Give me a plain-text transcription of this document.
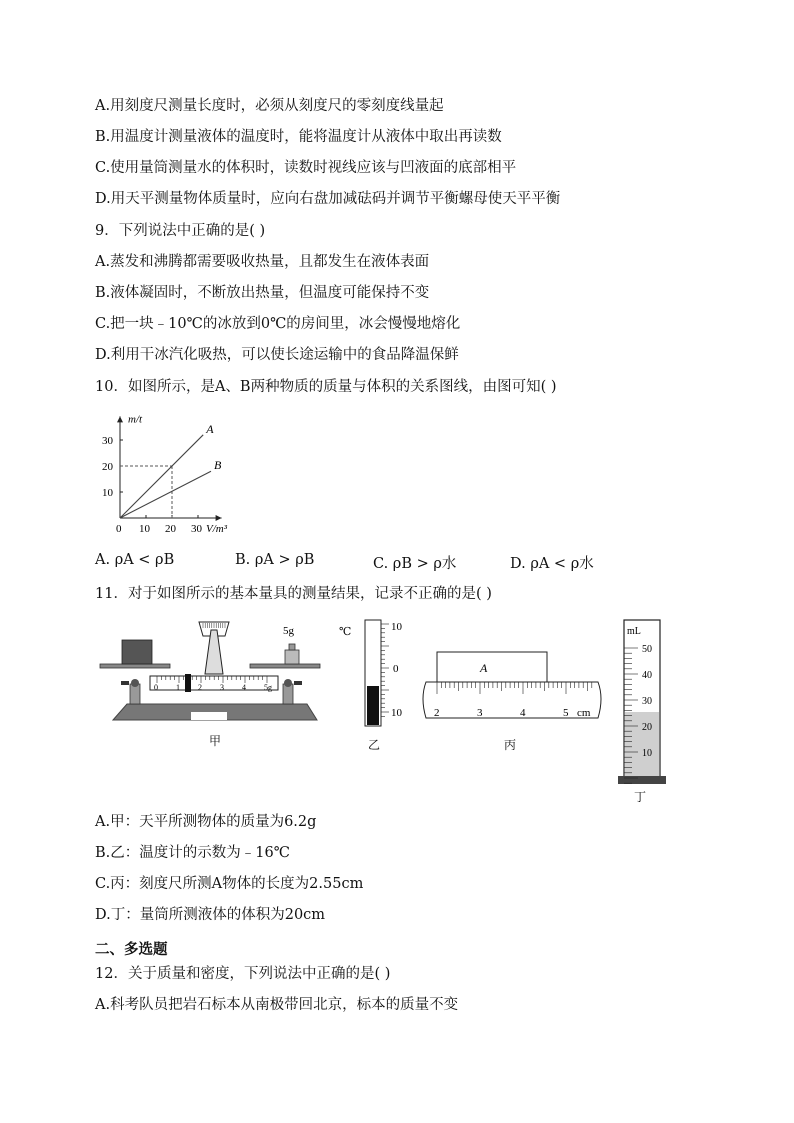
A.用刻度尺测量长度时，必须从刻度尺的零刻度线量起
B.用温度计测量液体的温度时，能将温度计从液体中取出再读数
C.使用量筒测量水的体积时，读数时视线应该与凹液面的底部相平
D.用天平测量物体质量时，应向右盘加减砝码并调节平衡螺母使天平平衡
9．下列说法中正确的是( )
A.蒸发和沸腾都需要吸收热量，且都发生在液体表面
B.液体凝固时，不断放出热量，但温度可能保持不变
C.把一块﹣10℃的冰放到0℃的房间里，冰会慢慢地熔化
D.利用干冰汽化吸热，可以使长途运输中的食品降温保鲜
10．如图所示，是A、B两种物质的质量与体积的关系图线，由图可知( )
m/t
V/m³
0 10 20 30
10
20
30
A
B
A. ρA < ρB	B. ρA > ρB	C. ρB > ρ水	D. ρA < ρ水
11．对于如图所示的基本量具的测量结果，记录不正确的是( )
5g
0 1 2 3 4 5g
甲
℃	10
0
10
乙
A
2	3	4	5 cm
丙
mL
50
40
30
20
10
丁
A.甲：天平所测物体的质量为6.2g
B.乙：温度计的示数为﹣16℃
C.丙：刻度尺所测A物体的长度为2.55cm
D.丁：量筒所测液体的体积为20cm
二、多选题
12．关于质量和密度，下列说法中正确的是( )
A.科考队员把岩石标本从南极带回北京，标本的质量不变
